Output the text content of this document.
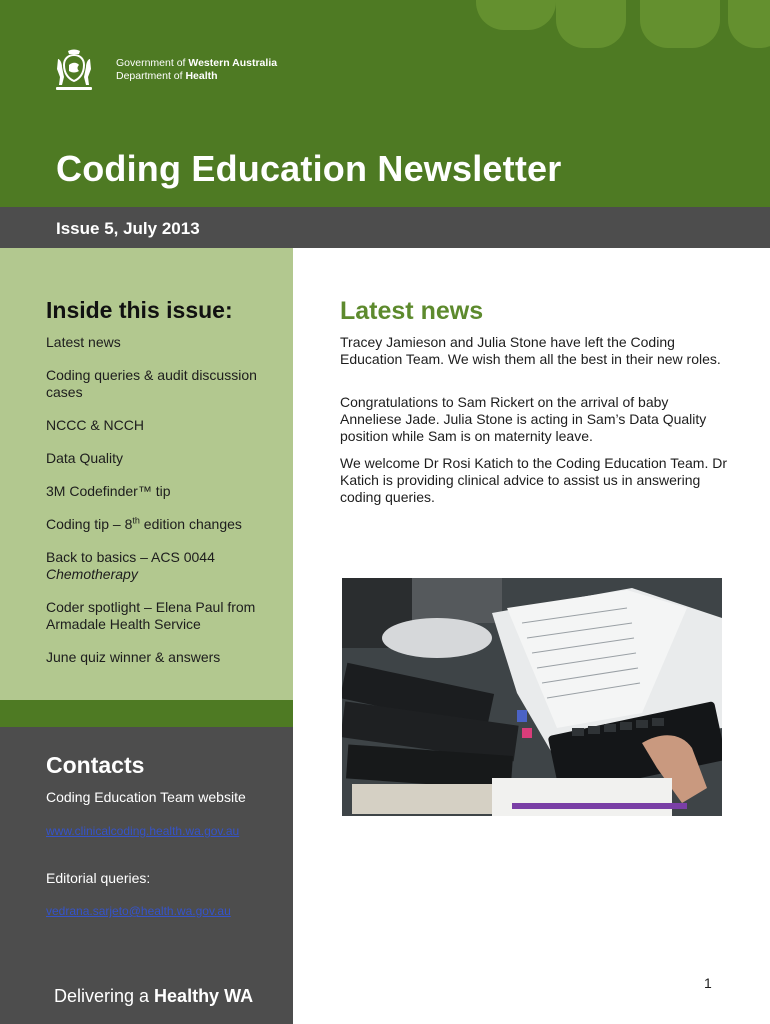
Government of Western Australia
Department of Health
Coding Education Newsletter
Issue 5, July 2013
Inside this issue:
Latest news
Coding queries & audit discussion cases
NCCC & NCCH
Data Quality
3M Codefinder™ tip
Coding tip – 8th edition changes
Back to basics – ACS 0044
Chemotherapy
Coder spotlight – Elena Paul from Armadale Health Service
June quiz winner & answers
Contacts
Coding Education Team website
www.clinicalcoding.health.wa.gov.au
Editorial queries:
vedrana.sarjeto@health.wa.gov.au
Delivering a Healthy WA
Latest news

Tracey Jamieson and Julia Stone have left the Coding Education Team. We wish them all the best in their new roles.

Congratulations to Sam Rickert on the arrival of baby Anneliese Jade. Julia Stone is acting in Sam’s Data Quality position while Sam is on maternity leave.

We welcome Dr Rosi Katich to the Coding Education Team. Dr Katich is providing clinical advice to assist us in answering coding queries.

1
